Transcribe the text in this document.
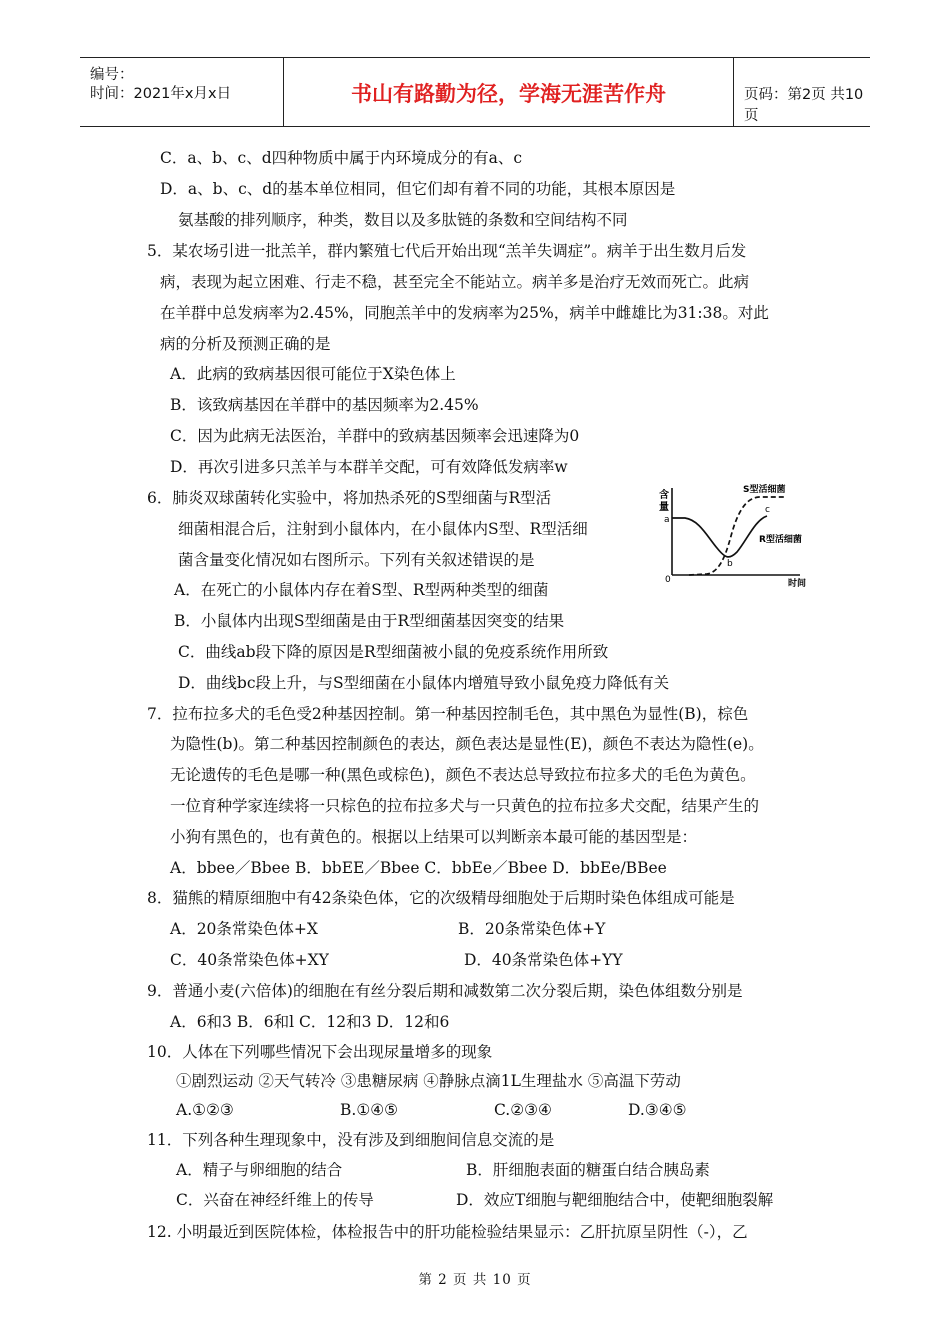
编号：
时间：2021年x月x日	书山有路勤为径，学海无涯苦作舟	页码：第2页 共10页
C．a、b、c、d四种物质中属于内环境成分的有a、c
D．a、b、c、d的基本单位相同，但它们却有着不同的功能，其根本原因是
氨基酸的排列顺序，种类，数目以及多肽链的条数和空间结构不同
5．某农场引进一批羔羊，群内繁殖七代后开始出现“羔羊失调症”。病羊于出生数月后发
病，表现为起立困难、行走不稳，甚至完全不能站立。病羊多是治疗无效而死亡。此病
在羊群中总发病率为2.45%，同胞羔羊中的发病率为25%，病羊中雌雄比为31:38。对此
病的分析及预测正确的是
A．此病的致病基因很可能位于X染色体上
B．该致病基因在羊群中的基因频率为2.45%
C．因为此病无法医治，羊群中的致病基因频率会迅速降为0
D．再次引进多只羔羊与本群羊交配，可有效降低发病率w
6．肺炎双球菌转化实验中，将加热杀死的S型细菌与R型活
细菌相混合后，注射到小鼠体内，在小鼠体内S型、R型活细
菌含量变化情况如右图所示。下列有关叙述错误的是
A．在死亡的小鼠体内存在着S型、R型两种类型的细菌
B．小鼠体内出现S型细菌是由于R型细菌基因突变的结果
C．曲线ab段下降的原因是R型细菌被小鼠的免疫系统作用所致
D．曲线bc段上升，与S型细菌在小鼠体内增殖导致小鼠免疫力降低有关
7．拉布拉多犬的毛色受2种基因控制。第一种基因控制毛色，其中黑色为显性(B)，棕色
为隐性(b)。第二种基因控制颜色的表达，颜色表达是显性(E)，颜色不表达为隐性(e)。
无论遗传的毛色是哪一种(黑色或棕色)，颜色不表达总导致拉布拉多犬的毛色为黄色。
一位育种学家连续将一只棕色的拉布拉多犬与一只黄色的拉布拉多犬交配，结果产生的
小狗有黑色的，也有黄色的。根据以上结果可以判断亲本最可能的基因型是：
A．bbee／Bbee B．bbEE／Bbee C．bbEe／Bbee D．bbEe/BBee
8．猫熊的精原细胞中有42条染色体，它的次级精母细胞处于后期时染色体组成可能是
A．20条常染色体+X	B．20条常染色体+Y
C．40条常染色体+XY	D．40条常染色体+YY
9．普通小麦(六倍体)的细胞在有丝分裂后期和减数第二次分裂后期，染色体组数分别是
A．6和3 B．6和l C．12和3 D．12和6
10．人体在下列哪些情况下会出现尿量增多的现象
①剧烈运动 ②天气转冷 ③患糖尿病 ④静脉点滴1L生理盐水 ⑤高温下劳动
A.①②③	B.①④⑤	C.②③④	D.③④⑤
11．下列各种生理现象中，没有涉及到细胞间信息交流的是
A．精子与卵细胞的结合	B．肝细胞表面的糖蛋白结合胰岛素
C．兴奋在神经纤维上的传导	D．效应T细胞与靶细胞结合中，使靶细胞裂解
12. 小明最近到医院体检，体检报告中的肝功能检验结果显示：乙肝抗原呈阴性（-），乙
含
量
a
b
c
0
S型活细菌
R型活细菌
时间
第 2 页 共 10 页
